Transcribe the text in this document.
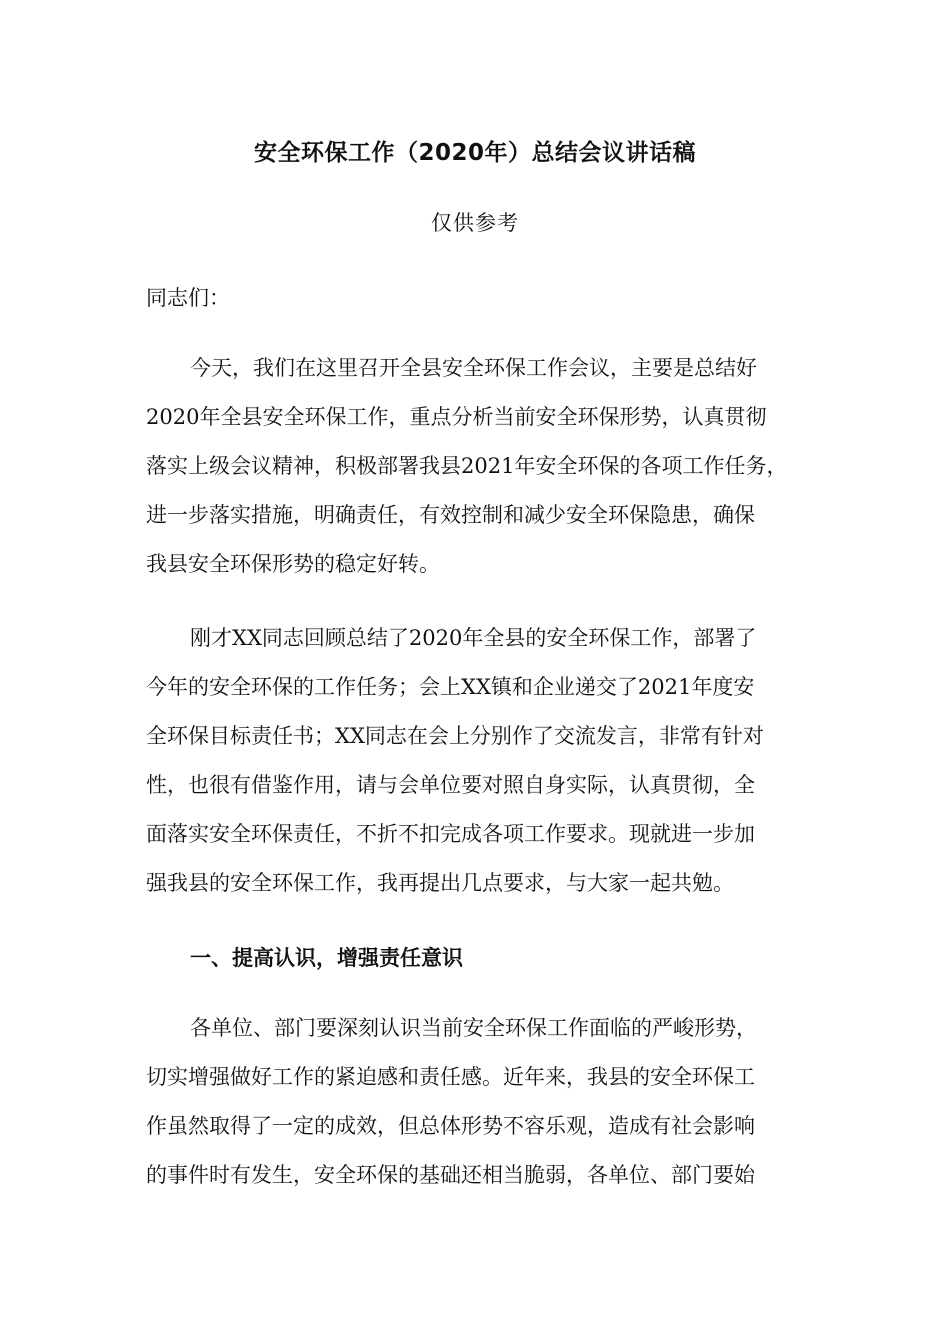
安全环保工作（2020年）总结会议讲话稿
仅供参考
同志们：
今天，我们在这里召开全县安全环保工作会议，主要是总结好
2020年全县安全环保工作，重点分析当前安全环保形势，认真贯彻
落实上级会议精神，积极部署我县2021年安全环保的各项工作任务，
进一步落实措施，明确责任，有效控制和减少安全环保隐患，确保
我县安全环保形势的稳定好转。
刚才XX同志回顾总结了2020年全县的安全环保工作，部署了
今年的安全环保的工作任务；会上XX镇和企业递交了2021年度安
全环保目标责任书；XX同志在会上分别作了交流发言，非常有针对
性，也很有借鉴作用，请与会单位要对照自身实际，认真贯彻，全
面落实安全环保责任，不折不扣完成各项工作要求。现就进一步加
强我县的安全环保工作，我再提出几点要求，与大家一起共勉。
一、提高认识，增强责任意识
各单位、部门要深刻认识当前安全环保工作面临的严峻形势，
切实增强做好工作的紧迫感和责任感。近年来，我县的安全环保工
作虽然取得了一定的成效，但总体形势不容乐观，造成有社会影响
的事件时有发生，安全环保的基础还相当脆弱，各单位、部门要始
